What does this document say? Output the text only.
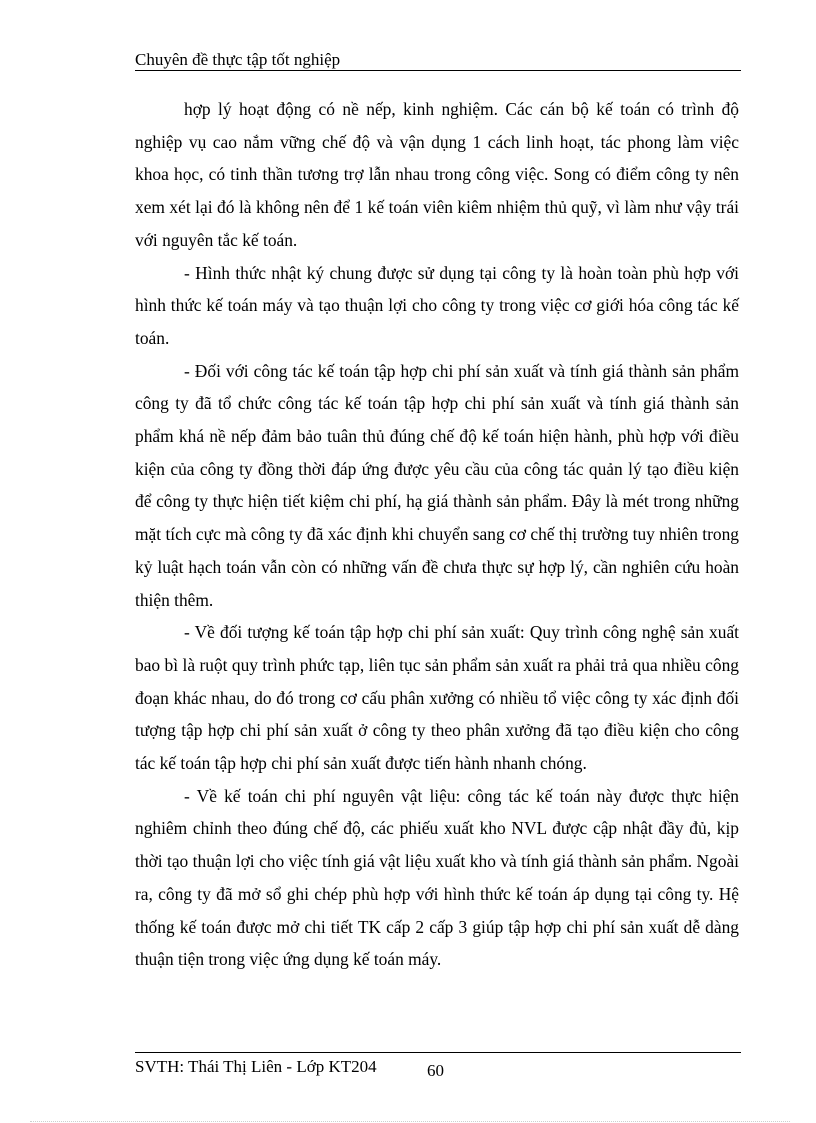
Chuyên đề thực tập tốt nghiệp

hợp lý hoạt động có nề nếp, kinh nghiệm. Các cán bộ kế toán có trình độ nghiệp vụ cao nắm vững chế độ và vận dụng 1 cách linh hoạt, tác phong làm việc khoa học, có tinh thần tương trợ lẫn nhau trong công việc. Song có điểm công ty nên xem xét lại đó là không nên để 1 kế toán viên kiêm nhiệm thủ quỹ, vì làm như vậy trái với nguyên tắc kế toán.

- Hình thức nhật ký chung được sử dụng tại công ty là hoàn toàn phù hợp với hình thức kế toán máy và tạo thuận lợi cho công ty trong việc cơ giới hóa công tác kế toán.

- Đối với công tác kế toán tập hợp chi phí sản xuất và tính giá thành sản phẩm công ty đã tổ chức công tác kế toán tập hợp chi phí sản xuất và tính giá thành sản phẩm khá nề nếp đảm bảo tuân thủ đúng chế độ kế toán hiện hành, phù hợp với điều kiện của công ty đồng thời đáp ứng được yêu cầu của công tác quản lý tạo điều kiện để công ty thực hiện tiết kiệm chi phí, hạ giá thành sản phẩm. Đây là mét trong những mặt tích cực mà công ty đã xác định khi chuyển sang cơ chế thị trường tuy nhiên trong kỷ luật hạch toán vẫn còn có những vấn đề chưa thực sự hợp lý, cần nghiên cứu hoàn thiện thêm.

- Về đối tượng kế toán tập hợp chi phí sản xuất: Quy trình công nghệ sản xuất bao bì là ruột quy trình phức tạp, liên tục sản phẩm sản xuất ra phải trả qua nhiều công đoạn khác nhau, do đó trong cơ cấu phân xưởng có nhiều tổ việc công ty xác định đối tượng tập hợp chi phí sản xuất ở công ty theo phân xưởng đã tạo điều kiện cho công tác kế toán tập hợp chi phí sản xuất được tiến hành nhanh chóng.

- Về kế toán chi phí nguyên vật liệu: công tác kế toán này được thực hiện nghiêm chỉnh theo đúng chế độ, các phiếu xuất kho NVL được cập nhật đầy đủ, kịp thời tạo thuận lợi cho việc tính giá vật liệu xuất kho và tính giá thành sản phẩm. Ngoài ra, công ty đã mở sổ ghi chép phù hợp với hình thức kế toán áp dụng tại công ty. Hệ thống kế toán được mở chi tiết TK cấp 2 cấp 3 giúp tập hợp chi phí sản xuất dễ dàng thuận tiện trong việc ứng dụng kế toán máy.

SVTH: Thái Thị Liên - Lớp KT204	60
